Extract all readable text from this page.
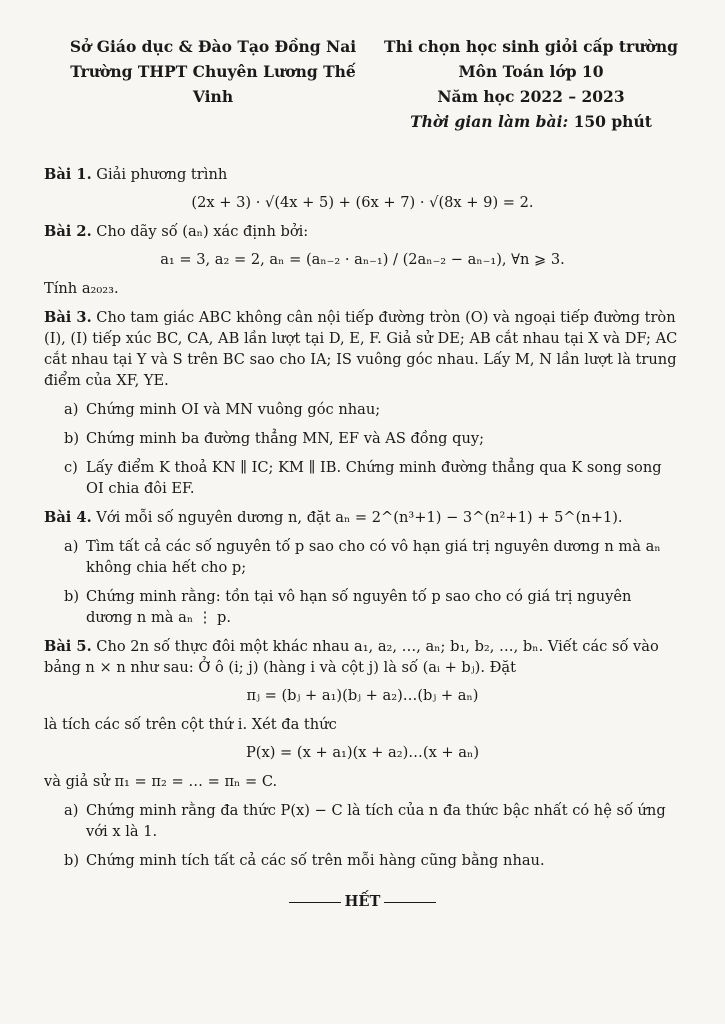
Sở Giáo dục & Đào Tạo Đồng Nai
Trường THPT Chuyên Lương Thế Vinh
Thi chọn học sinh giỏi cấp trường
Môn Toán lớp 10
Năm học 2022 – 2023
Thời gian làm bài: 150 phút

Bài 1. Giải phương trình

(2x + 3) · √(4x + 5) + (6x + 7) · √(8x + 9) = 2.

Bài 2. Cho dãy số (aₙ) xác định bởi:

a₁ = 3, a₂ = 2, aₙ = (aₙ₋₂ · aₙ₋₁) / (2aₙ₋₂ − aₙ₋₁), ∀n ⩾ 3.

Tính a₂₀₂₃.

Bài 3. Cho tam giác ABC không cân nội tiếp đường tròn (O) và ngoại tiếp đường tròn (I), (I) tiếp xúc BC, CA, AB lần lượt tại D, E, F. Giả sử DE; AB cắt nhau tại X và DF; AC cắt nhau tại Y và S trên BC sao cho IA; IS vuông góc nhau. Lấy M, N lần lượt là trung điểm của XF, YE.

a) Chứng minh OI và MN vuông góc nhau;
b) Chứng minh ba đường thẳng MN, EF và AS đồng quy;
c) Lấy điểm K thoả KN ∥ IC; KM ∥ IB. Chứng minh đường thẳng qua K song song OI chia đôi EF.

Bài 4. Với mỗi số nguyên dương n, đặt aₙ = 2^(n³+1) − 3^(n²+1) + 5^(n+1).

a) Tìm tất cả các số nguyên tố p sao cho có vô hạn giá trị nguyên dương n mà aₙ không chia hết cho p;
b) Chứng minh rằng: tồn tại vô hạn số nguyên tố p sao cho có giá trị nguyên dương n mà aₙ ⋮ p.

Bài 5. Cho 2n số thực đôi một khác nhau a₁, a₂, …, aₙ; b₁, b₂, …, bₙ. Viết các số vào bảng n × n như sau: Ở ô (i; j) (hàng i và cột j) là số (aᵢ + bⱼ). Đặt

πⱼ = (bⱼ + a₁)(bⱼ + a₂)…(bⱼ + aₙ)

là tích các số trên cột thứ i. Xét đa thức

P(x) = (x + a₁)(x + a₂)…(x + aₙ)

và giả sử π₁ = π₂ = … = πₙ = C.

a) Chứng minh rằng đa thức P(x) − C là tích của n đa thức bậc nhất có hệ số ứng với x là 1.
b) Chứng minh tích tất cả các số trên mỗi hàng cũng bằng nhau.
HẾT
